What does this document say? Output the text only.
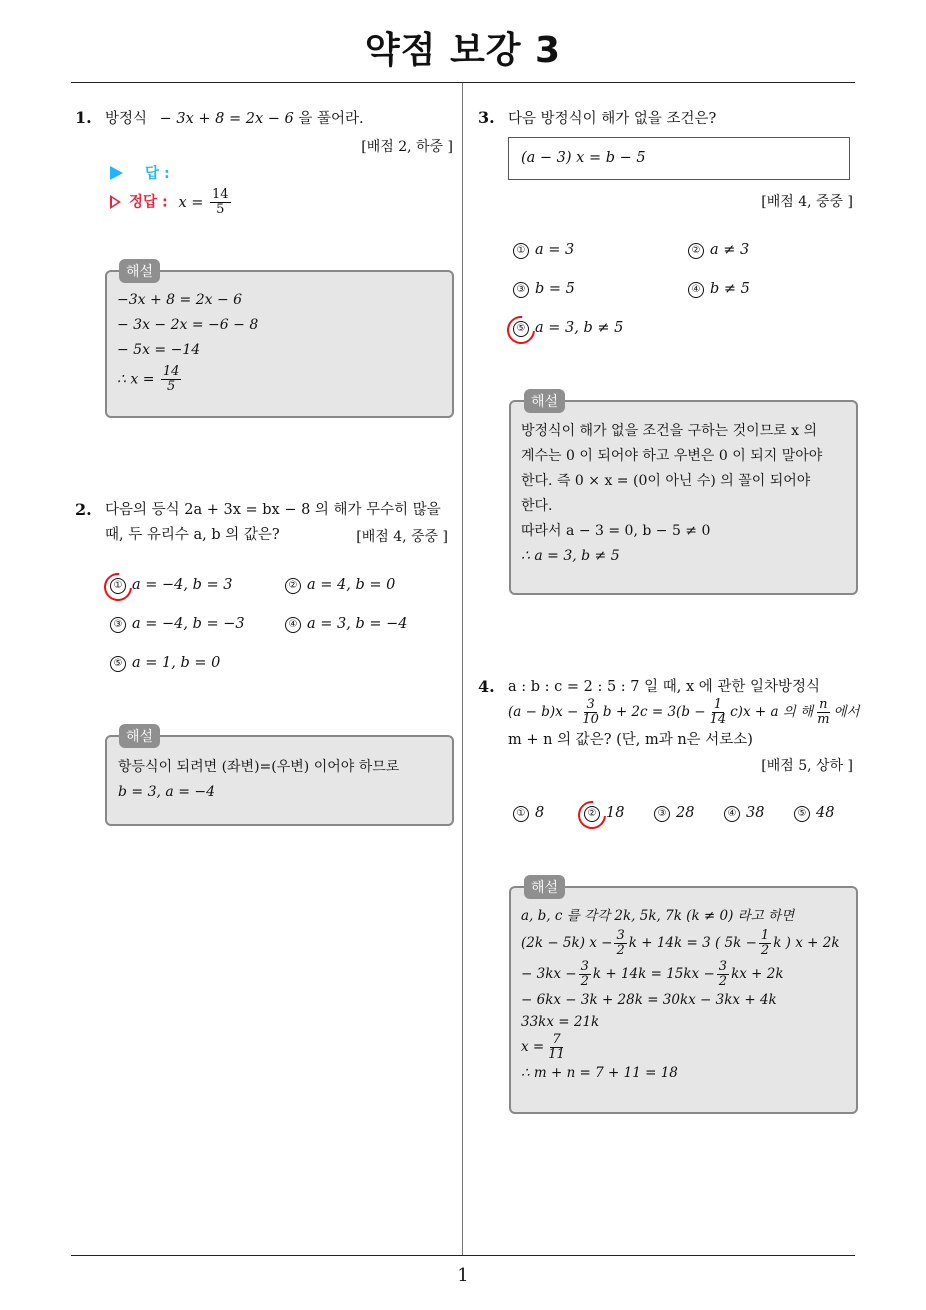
약점 보강 3
1. 방정식 − 3x + 8 = 2x − 6 을 풀어라.
[배점 2, 하중 ]
답 :
정답 : $x = \frac{14}{5}$
해설
−3x + 8 = 2x − 6
− 3x − 2x = −6 − 8
− 5x = −14
∴ $x = \frac{14}{5}$
2. 다음의 등식 2a + 3x = bx − 8 의 해가 무수히 많을
때, 두 유리수 a, b 의 값은?	[배점 4, 중중 ]
① a = −4, b = 3	② a = 4, b = 0
③ a = −4, b = −3	④ a = 3, b = −4
⑤ a = 1, b = 0
해설
항등식이 되려면 (좌변)=(우변) 이어야 하므로
b = 3, a = −4
3. 다음 방정식이 해가 없을 조건은?
(a − 3) x = b − 5
[배점 4, 중중 ]
① a = 3	② a ≠ 3
③ b = 5	④ b ≠ 5
⑤ a = 3, b ≠ 5
해설
방정식이 해가 없을 조건을 구하는 것이므로 x 의
계수는 0 이 되어야 하고 우변은 0 이 되지 말아야
한다. 즉 0 × x = (0이 아닌 수) 의 꼴이 되어야
한다.
따라서 a − 3 = 0, b − 5 ≠ 0
∴ a = 3, b ≠ 5
4. a : b : c = 2 : 5 : 7 일 때, x 에 관한 일차방정식
$(a - b)x - \frac{3}{10}$ $b + 2c = 3(b - \frac{1}{14} c)x + a$ 의 해 $\frac{n}{m}$ 에서
m + n 의 값은? (단, m과 n은 서로소)
[배점 5, 상하 ]
① 8	② 18	③ 28	④ 38	⑤ 48
해설
a, b, c 를 각각 2k, 5k, 7k (k ≠ 0) 라고 하면
(2k − 5k) $x - \frac{3}{2}$ k + 14k = 3 ( $5k - \frac{1}{2}$ k ) x + 2k
− $3kx - \frac{3}{2}$ $k + 14k = 15kx - \frac{3}{2}$ kx + 2k
− 6kx − 3k + 28k = 30kx − 3kx + 4k
33kx = 21k
$x = \frac{7}{11}$
∴ m + n = 7 + 11 = 18
1
